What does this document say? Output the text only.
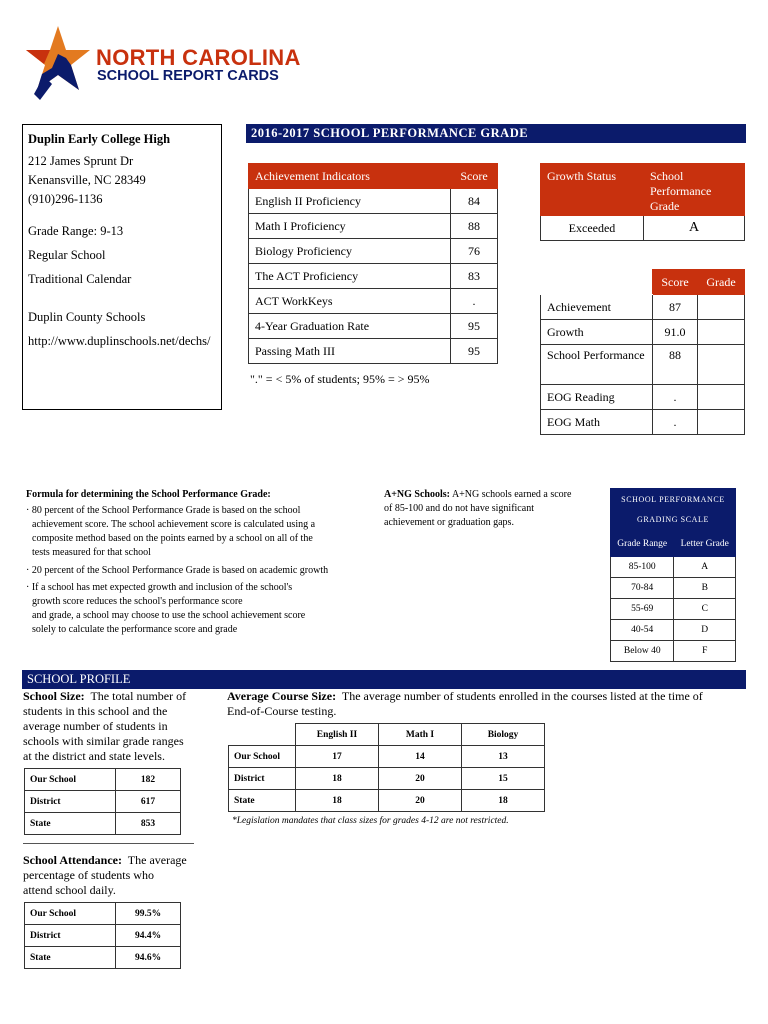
NORTH CAROLINA
SCHOOL REPORT CARDS
Duplin Early College High
212 James Sprunt Dr
Kenansville, NC 28349
(910)296-1136
Grade Range: 9-13
Regular School
Traditional Calendar
Duplin County Schools
http://www.duplinschools.net/dechs/
2016-2017 SCHOOL PERFORMANCE GRADE
Achievement Indicators	Score
English II Proficiency	84
Math I Proficiency	88
Biology Proficiency	76
The ACT Proficiency	83
ACT WorkKeys	.
4-Year Graduation Rate	95
Passing Math III	95
"." = < 5% of students; 95% = > 95%
Growth Status	School Performance Grade
Exceeded	A
	Score	Grade
Achievement	87	
Growth	91.0	
School Performance	88	
EOG Reading	.	
EOG Math	.	
Formula for determining the School Performance Grade:
· 80 percent of the School Performance Grade is based on the school
achievement score. The school achievement score is calculated using a
composite method based on the points earned by a school on all of the
tests measured for that school
· 20 percent of the School Performance Grade is based on academic growth
· If a school has met expected growth and inclusion of the school's
growth score reduces the school's performance score
and grade, a school may choose to use the school achievement score
solely to calculate the performance score and grade
A+NG Schools: A+NG schools earned a score
of 85-100 and do not have significant
achievement or graduation gaps.
SCHOOL PERFORMANCE
GRADING SCALE	

Grade Range	Letter Grade
85-100	A
70-84	B
55-69	C
40-54	D
Below 40	F
SCHOOL PROFILE
School Size: The total number of
students in this school and the
average number of students in
schools with similar grade ranges
at the district and state levels.
Our School	182
District	617
State	853
Average Course Size: The average number of students enrolled in the courses listed at the time of
End-of-Course testing.
	English II	Math I	Biology
Our School	17	14	13
District	18	20	15
State	18	20	18
*Legislation mandates that class sizes for grades 4-12 are not restricted.
School Attendance: The average
percentage of students who
attend school daily.
Our School	99.5%
District	94.4%
State	94.6%
